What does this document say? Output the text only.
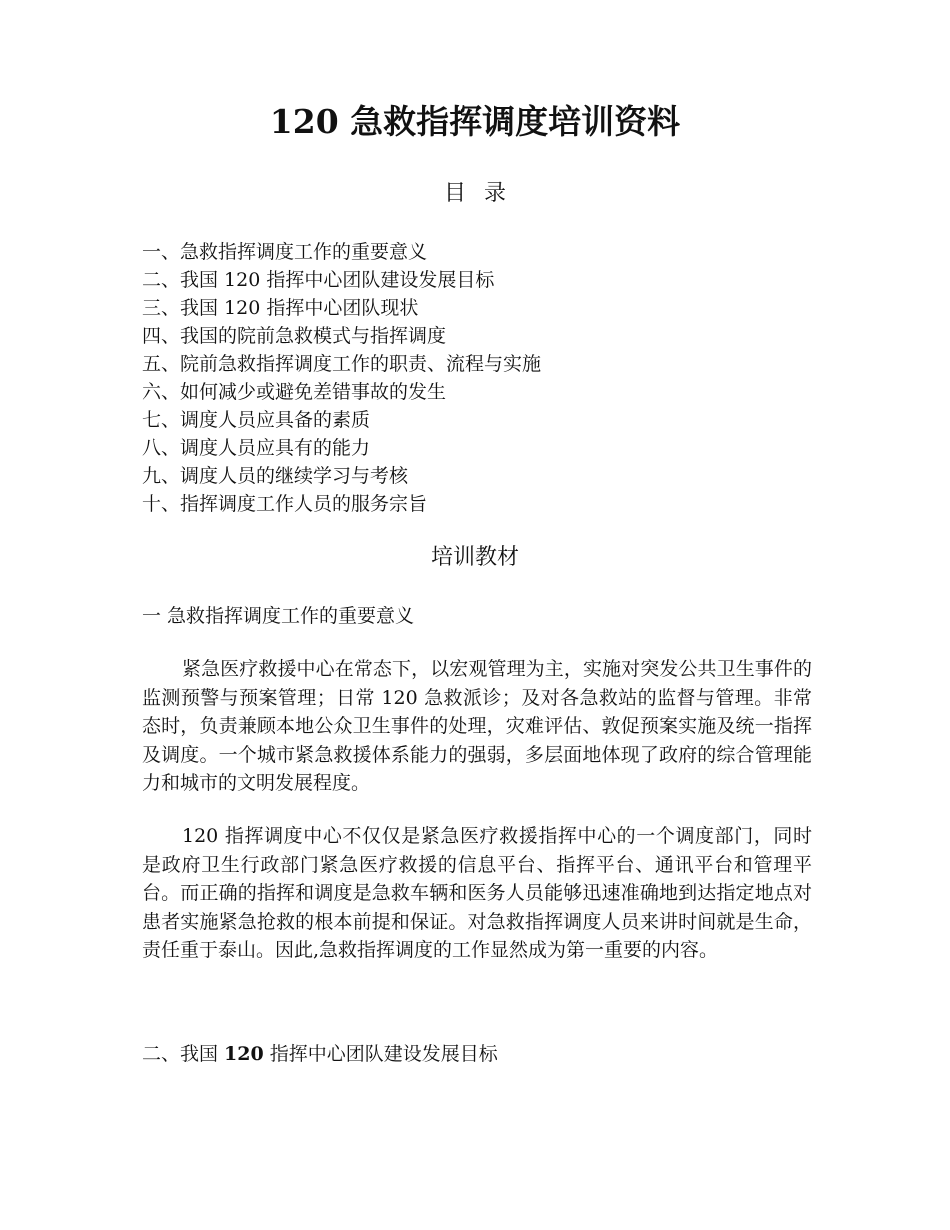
120 急救指挥调度培训资料
目录
一、急救指挥调度工作的重要意义
二、我国 120 指挥中心团队建设发展目标
三、我国 120 指挥中心团队现状
四、我国的院前急救模式与指挥调度
五、院前急救指挥调度工作的职责、流程与实施
六、如何减少或避免差错事故的发生
七、调度人员应具备的素质
八、调度人员应具有的能力
九、调度人员的继续学习与考核
十、指挥调度工作人员的服务宗旨
培训教材
一 急救指挥调度工作的重要意义

紧急医疗救援中心在常态下，以宏观管理为主，实施对突发公共卫生事件的监测预警与预案管理；日常 120 急救派诊；及对各急救站的监督与管理。非常态时，负责兼顾本地公众卫生事件的处理，灾难评估、敦促预案实施及统一指挥及调度。一个城市紧急救援体系能力的强弱，多层面地体现了政府的综合管理能力和城市的文明发展程度。

120 指挥调度中心不仅仅是紧急医疗救援指挥中心的一个调度部门，同时是政府卫生行政部门紧急医疗救援的信息平台、指挥平台、通讯平台和管理平台。而正确的指挥和调度是急救车辆和医务人员能够迅速准确地到达指定地点对患者实施紧急抢救的根本前提和保证。对急救指挥调度人员来讲时间就是生命，责任重于泰山。因此,急救指挥调度的工作显然成为第一重要的内容。

二、我国 120 指挥中心团队建设发展目标
